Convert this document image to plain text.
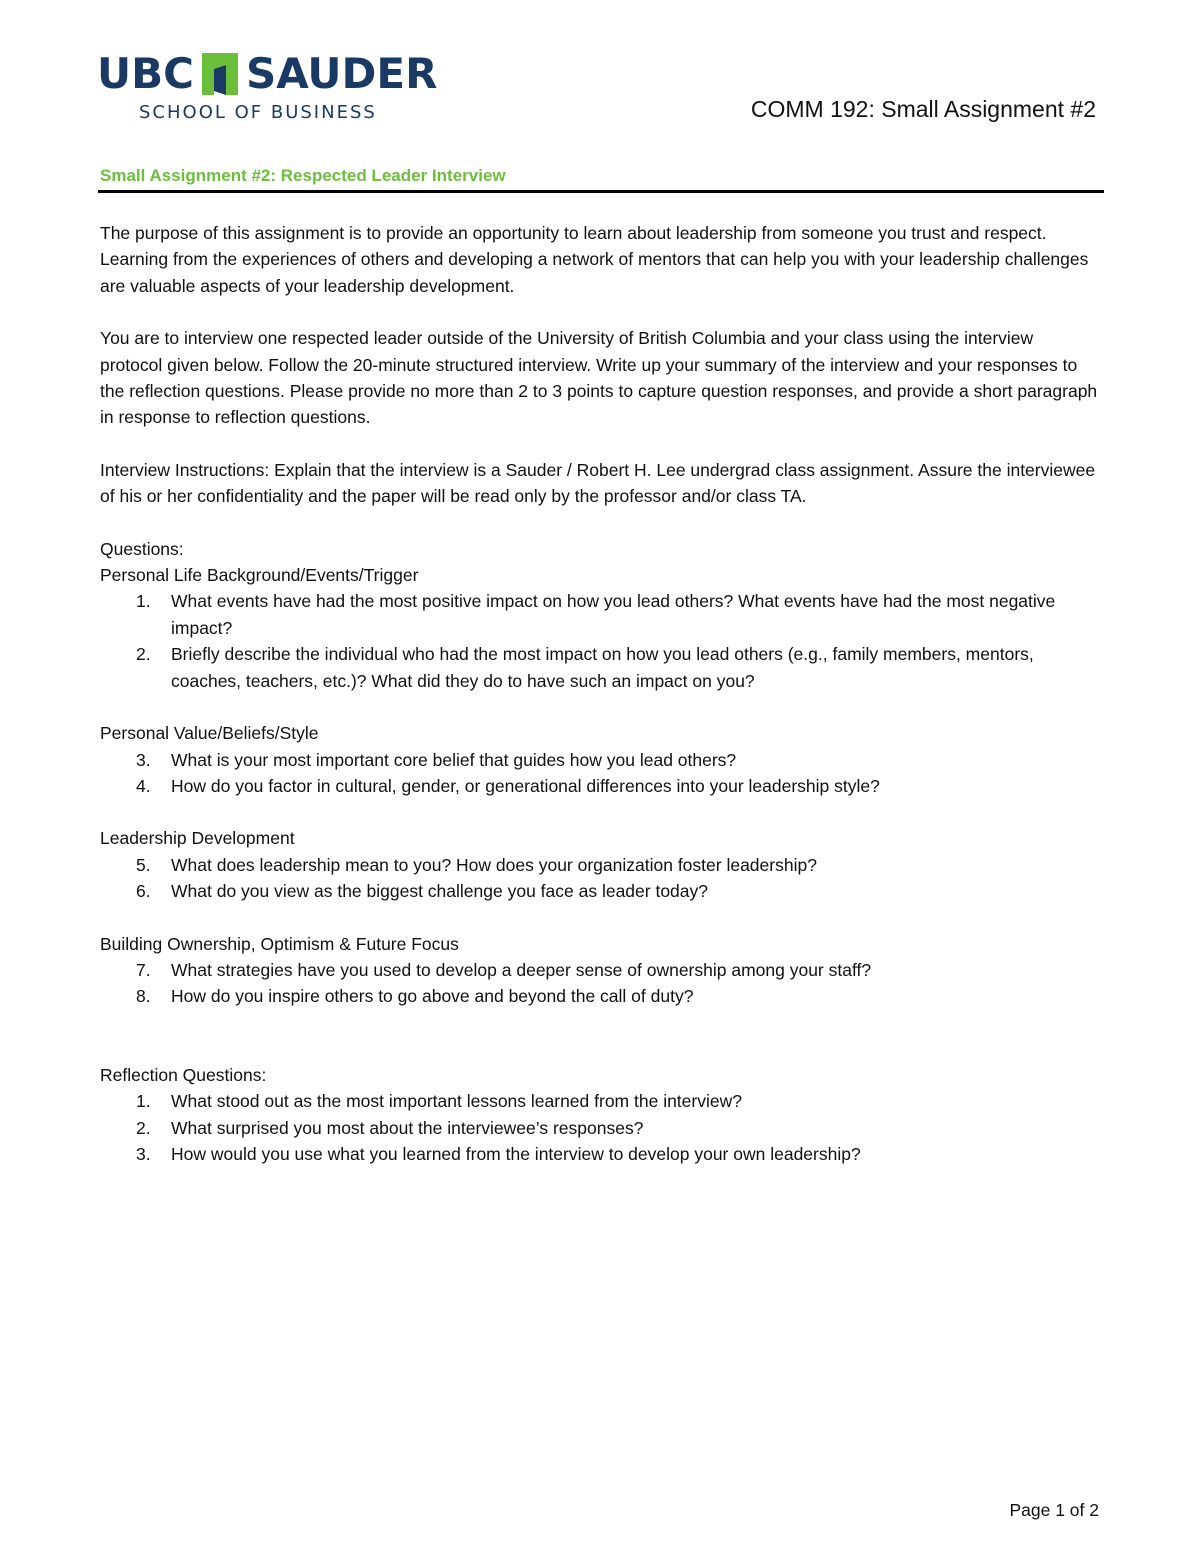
UBC SAUDER
SCHOOL OF BUSINESS	COMM 192: Small Assignment #2
Small Assignment #2: Respected Leader Interview

The purpose of this assignment is to provide an opportunity to learn about leadership from someone you trust and respect. Learning from the experiences of others and developing a network of mentors that can help you with your leadership challenges are valuable aspects of your leadership development.

You are to interview one respected leader outside of the University of British Columbia and your class using the interview protocol given below. Follow the 20-minute structured interview. Write up your summary of the interview and your responses to the reflection questions. Please provide no more than 2 to 3 points to capture question responses, and provide a short paragraph in response to reflection questions.

Interview Instructions: Explain that the interview is a Sauder / Robert H. Lee undergrad class assignment. Assure the interviewee of his or her confidentiality and the paper will be read only by the professor and/or class TA.

Questions:
Personal Life Background/Events/Trigger
1.	What events have had the most positive impact on how you lead others? What events have had the most negative impact?
2.	Briefly describe the individual who had the most impact on how you lead others (e.g., family members, mentors, coaches, teachers, etc.)? What did they do to have such an impact on you?
Personal Value/Beliefs/Style
3.	What is your most important core belief that guides how you lead others?
4.	How do you factor in cultural, gender, or generational differences into your leadership style?
Leadership Development
5.	What does leadership mean to you? How does your organization foster leadership?
6.	What do you view as the biggest challenge you face as leader today?
Building Ownership, Optimism & Future Focus
7.	What strategies have you used to develop a deeper sense of ownership among your staff?
8.	How do you inspire others to go above and beyond the call of duty?
Reflection Questions:
1.	What stood out as the most important lessons learned from the interview?
2.	What surprised you most about the interviewee’s responses?
3.	How would you use what you learned from the interview to develop your own leadership?
Page 1 of 2
